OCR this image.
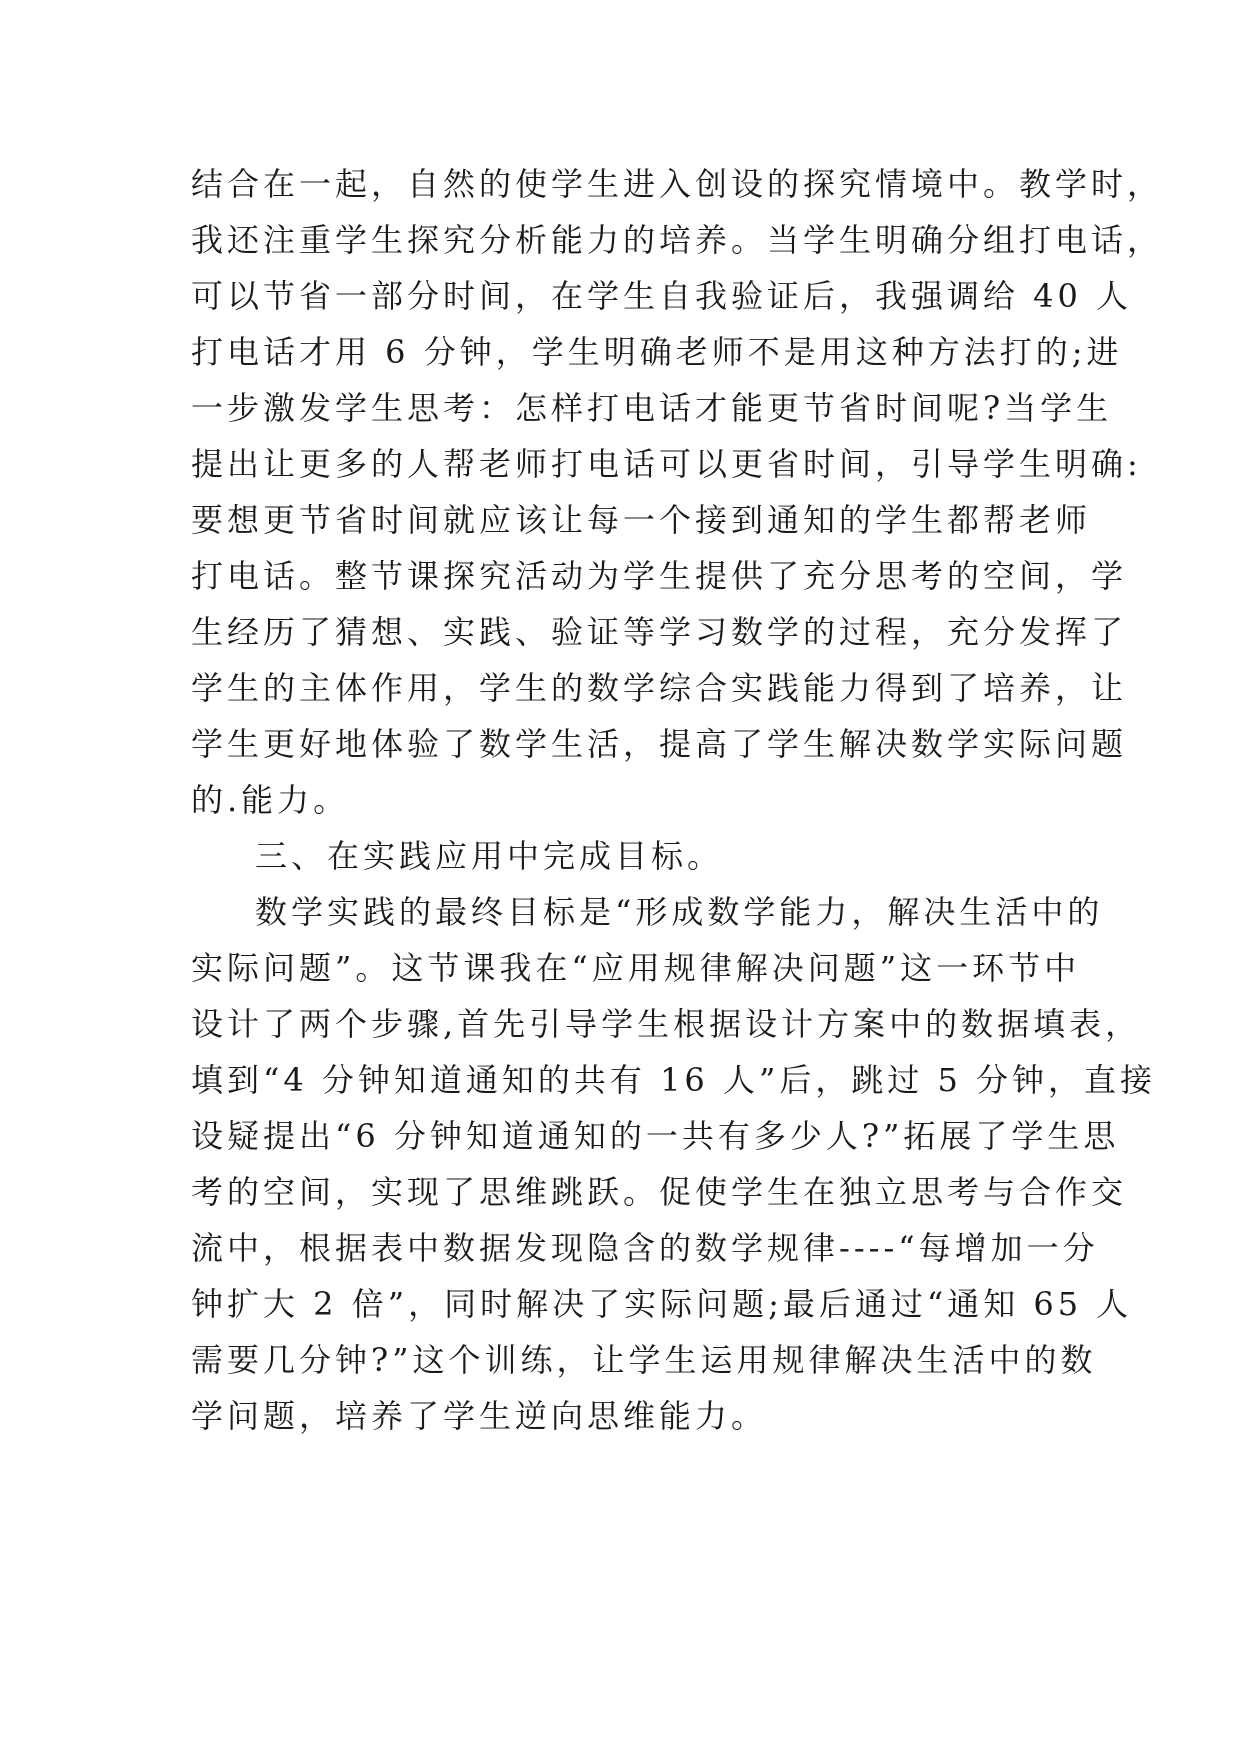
结合在一起，自然的使学生进入创设的探究情境中。教学时，
我还注重学生探究分析能力的培养。当学生明确分组打电话，
可以节省一部分时间，在学生自我验证后，我强调给 40 人
打电话才用 6 分钟，学生明确老师不是用这种方法打的;进
一步激发学生思考：怎样打电话才能更节省时间呢?当学生
提出让更多的人帮老师打电话可以更省时间，引导学生明确:
要想更节省时间就应该让每一个接到通知的学生都帮老师
打电话。整节课探究活动为学生提供了充分思考的空间，学
生经历了猜想、实践、验证等学习数学的过程，充分发挥了
学生的主体作用，学生的数学综合实践能力得到了培养，让
学生更好地体验了数学生活，提高了学生解决数学实际问题
的.能力。
三、在实践应用中完成目标。
数学实践的最终目标是“形成数学能力，解决生活中的
实际问题”。这节课我在“应用规律解决问题”这一环节中
设计了两个步骤,首先引导学生根据设计方案中的数据填表，
填到“4 分钟知道通知的共有 16 人”后，跳过 5 分钟，直接
设疑提出“6 分钟知道通知的一共有多少人?”拓展了学生思
考的空间，实现了思维跳跃。促使学生在独立思考与合作交
流中，根据表中数据发现隐含的数学规律----“每增加一分
钟扩大 2 倍”，同时解决了实际问题;最后通过“通知 65 人
需要几分钟?”这个训练，让学生运用规律解决生活中的数
学问题，培养了学生逆向思维能力。
